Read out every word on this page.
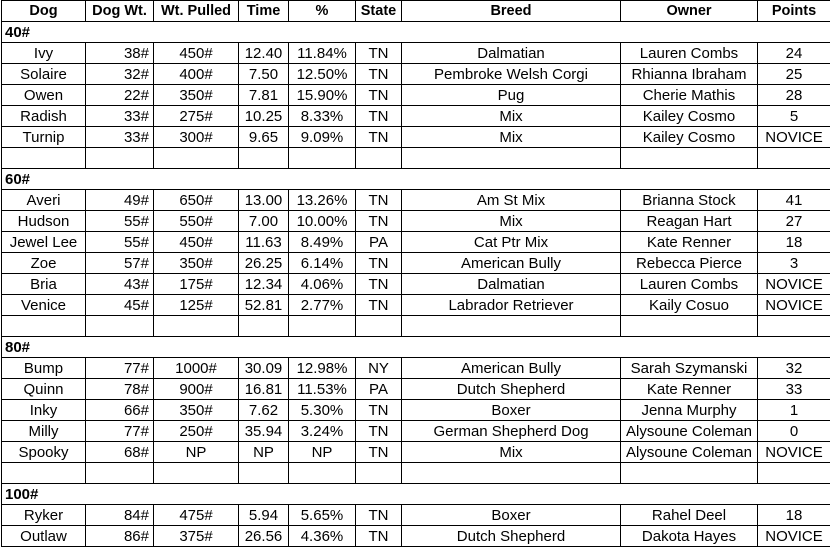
Dog	Dog Wt.	Wt. Pulled	Time	%	State	Breed	Owner	Points
40#								
Ivy	38#	450#	12.40	11.84%	TN	Dalmatian	Lauren Combs	24
Solaire	32#	400#	7.50	12.50%	TN	Pembroke Welsh Corgi	Rhianna Ibraham	25
Owen	22#	350#	7.81	15.90%	TN	Pug	Cherie Mathis	28
Radish	33#	275#	10.25	8.33%	TN	Mix	Kailey Cosmo	5
Turnip	33#	300#	9.65	9.09%	TN	Mix	Kailey Cosmo	NOVICE

60#								
Averi	49#	650#	13.00	13.26%	TN	Am St Mix	Brianna Stock	41
Hudson	55#	550#	7.00	10.00%	TN	Mix	Reagan Hart	27
Jewel Lee	55#	450#	11.63	8.49%	PA	Cat Ptr Mix	Kate Renner	18
Zoe	57#	350#	26.25	6.14%	TN	American Bully	Rebecca Pierce	3
Bria	43#	175#	12.34	4.06%	TN	Dalmatian	Lauren Combs	NOVICE
Venice	45#	125#	52.81	2.77%	TN	Labrador Retriever	Kaily Cosuo	NOVICE

80#								
Bump	77#	1000#	30.09	12.98%	NY	American Bully	Sarah Szymanski	32
Quinn	78#	900#	16.81	11.53%	PA	Dutch Shepherd	Kate Renner	33
Inky	66#	350#	7.62	5.30%	TN	Boxer	Jenna Murphy	1
Milly	77#	250#	35.94	3.24%	TN	German Shepherd Dog	Alysoune Coleman	0
Spooky	68#	NP	NP	NP	TN	Mix	Alysoune Coleman	NOVICE

100#								
Ryker	84#	475#	5.94	5.65%	TN	Boxer	Rahel Deel	18
Outlaw	86#	375#	26.56	4.36%	TN	Dutch Shepherd	Dakota Hayes	NOVICE
